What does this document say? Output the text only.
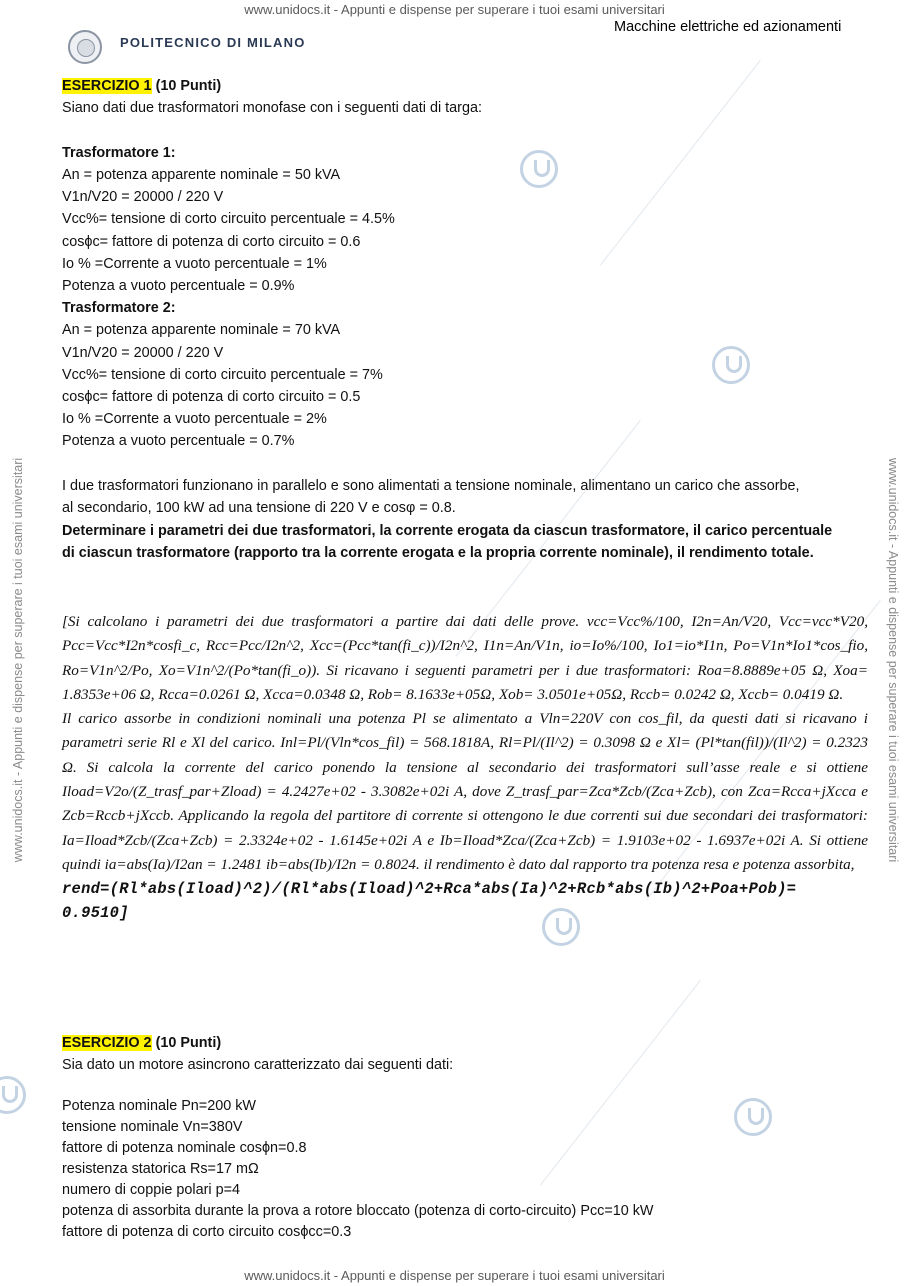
www.unidocs.it - Appunti e dispense per superare i tuoi esami universitari
www.unidocs.it - Appunti e dispense per superare i tuoi esami universitari
www.unidocs.it - Appunti e dispense per superare i tuoi esami universitari	www.unidocs.it - Appunti e dispense per superare i tuoi esami universitari
POLITECNICO DI MILANO
Macchine elettriche ed azionamenti
ESERCIZIO 1 (10 Punti)
Siano dati due trasformatori monofase con i seguenti dati di targa:
Trasformatore 1:
An = potenza apparente nominale = 50 kVA
V1n/V20 = 20000 / 220 V
Vcc%= tensione di corto circuito percentuale = 4.5%
cosϕc= fattore di potenza di corto circuito = 0.6
Io % =Corrente a vuoto percentuale = 1%
Potenza a vuoto percentuale = 0.9%
Trasformatore 2:
An = potenza apparente nominale = 70 kVA
V1n/V20 = 20000 / 220 V
Vcc%= tensione di corto circuito percentuale = 7%
cosϕc= fattore di potenza di corto circuito = 0.5
Io % =Corrente a vuoto percentuale = 2%
Potenza a vuoto percentuale = 0.7%
I due trasformatori funzionano in parallelo e sono alimentati a tensione nominale, alimentano un carico che assorbe,
al secondario, 100 kW ad una tensione di 220 V e cosφ = 0.8.
Determinare i parametri dei due trasformatori, la corrente erogata da ciascun trasformatore, il carico percentuale
di ciascun trasformatore (rapporto tra la corrente erogata e la propria corrente nominale), il rendimento totale.

[Si calcolano i parametri dei due trasformatori a partire dai dati delle prove. vcc=Vcc%/100, I2n=An/V20, Vcc=vcc*V20, Pcc=Vcc*I2n*cosfi_c, Rcc=Pcc/I2n^2, Xcc=(Pcc*tan(fi_c))/I2n^2, I1n=An/V1n, io=Io%/100, Io1=io*I1n, Po=V1n*Io1*cos_fio, Ro=V1n^2/Po, Xo=V1n^2/(Po*tan(fi_o)). Si ricavano i seguenti parametri per i due trasformatori: Roa=8.8889e+05 Ω, Xoa= 1.8353e+06 Ω, Rcca=0.0261 Ω, Xcca=0.0348 Ω, Rob= 8.1633e+05Ω, Xob= 3.0501e+05Ω, Rccb= 0.0242 Ω, Xccb= 0.0419 Ω.

Il carico assorbe in condizioni nominali una potenza Pl se alimentato a Vln=220V con cos_fil, da questi dati si ricavano i parametri serie Rl e Xl del carico. Inl=Pl/(Vln*cos_fil) = 568.1818A, Rl=Pl/(Il^2) = 0.3098 Ω e Xl= (Pl*tan(fil))/(Il^2) = 0.2323 Ω. Si calcola la corrente del carico ponendo la tensione al secondario dei trasformatori sull’asse reale e si ottiene Iload=V2o/(Z_trasf_par+Zload) = 4.2427e+02 - 3.3082e+02i A, dove Z_trasf_par=Zca*Zcb/(Zca+Zcb), con Zca=Rcca+jXcca e Zcb=Rccb+jXccb. Applicando la regola del partitore di corrente si ottengono le due correnti sui due secondari dei trasformatori: Ia=Iload*Zcb/(Zca+Zcb) = 2.3324e+02 - 1.6145e+02i A e Ib=Iload*Zca/(Zca+Zcb) = 1.9103e+02 - 1.6937e+02i A. Si ottiene quindi ia=abs(Ia)/I2an = 1.2481 ib=abs(Ib)/I2n = 0.8024. il rendimento è dato dal rapporto tra potenza resa e potenza assorbita,

rend=(Rl*abs(Iload)^2)/(Rl*abs(Iload)^2+Rca*abs(Ia)^2+Rcb*abs(Ib)^2+Poa+Pob)= 0.9510]
ESERCIZIO 2 (10 Punti)
Sia dato un motore asincrono caratterizzato dai seguenti dati:
Potenza nominale Pn=200 kW
tensione nominale Vn=380V
fattore di potenza nominale cosϕn=0.8
resistenza statorica Rs=17 mΩ
numero di coppie polari p=4
potenza di assorbita durante la prova a rotore bloccato (potenza di corto-circuito) Pcc=10 kW
fattore di potenza di corto circuito cosϕcc=0.3
